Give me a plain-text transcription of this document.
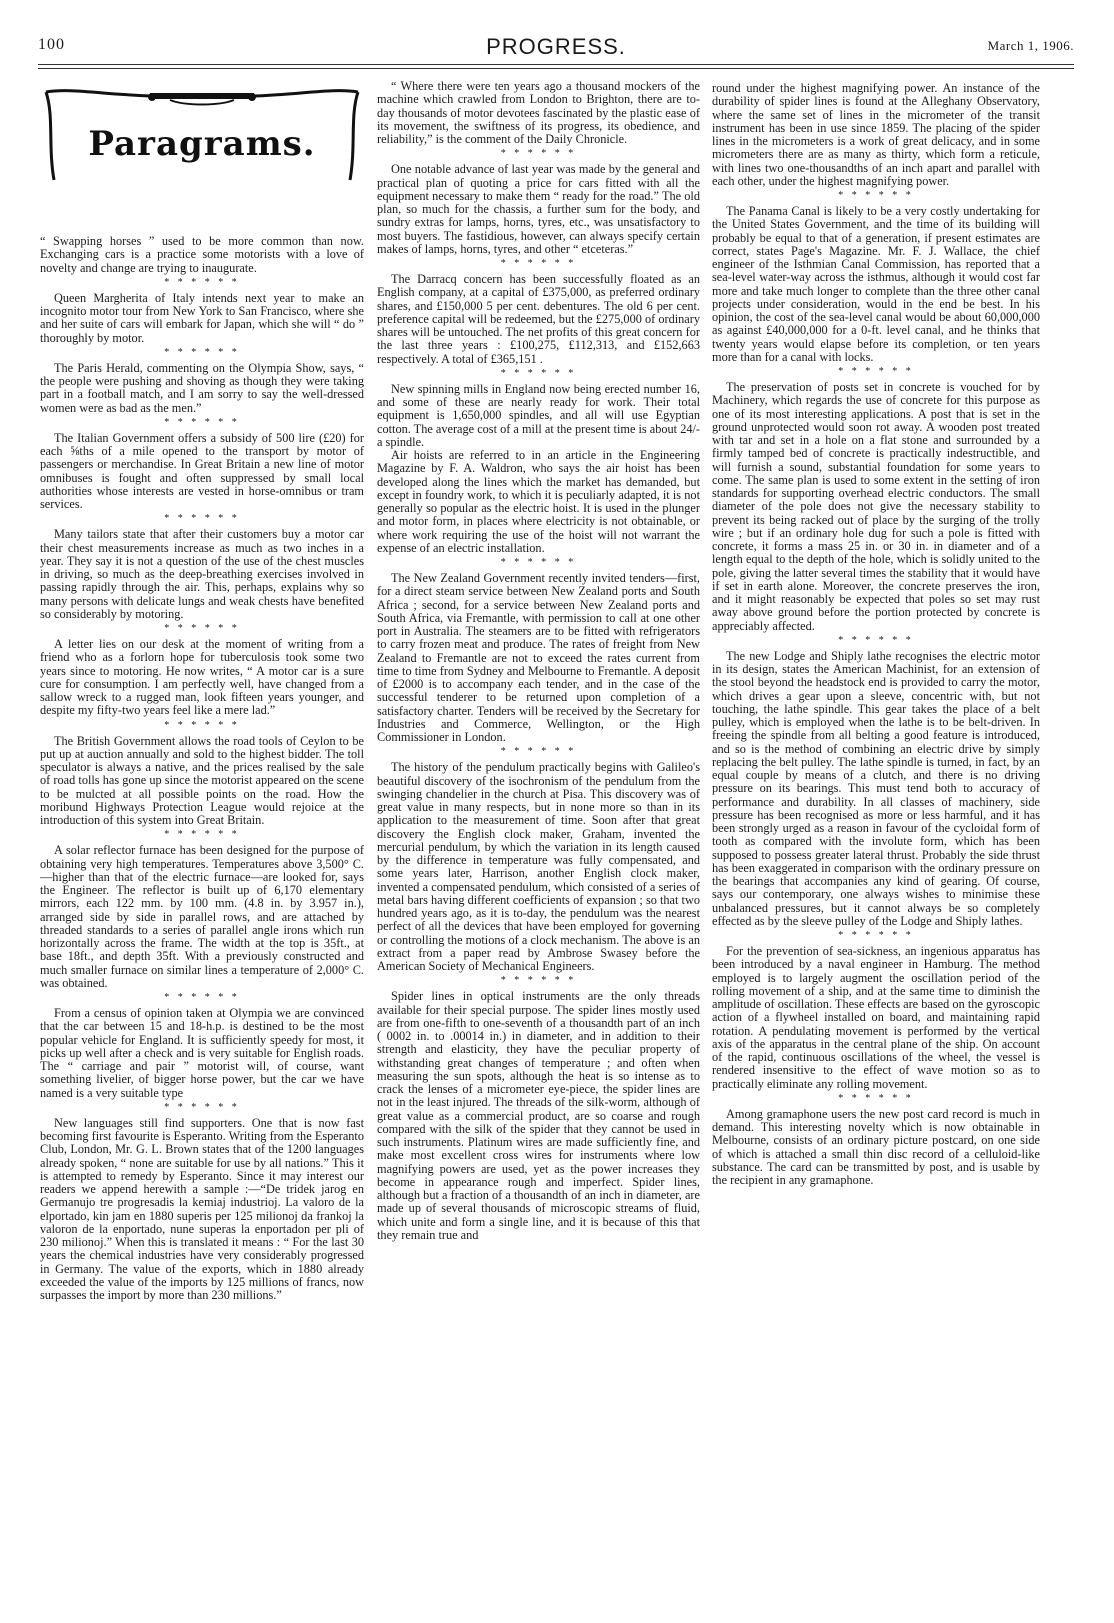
100	PROGRESS.	March 1, 1906.
Paragrams.

“ Swapping horses ” used to be more common than now. Exchanging cars is a practice some motorists with a love of novelty and change are trying to inaugurate.

* * * * * *

Queen Margherita of Italy intends next year to make an incognito motor tour from New York to San Francisco, where she and her suite of cars will embark for Japan, which she will “ do ” thoroughly by motor.

* * * * * *

The Paris Herald, commenting on the Olympia Show, says, “ the people were pushing and shoving as though they were taking part in a football match, and I am sorry to say the well-dressed women were as bad as the men.”

* * * * * *

The Italian Government offers a subsidy of 500 lire (£20) for each ⅝ths of a mile opened to the transport by motor of passengers or merchandise. In Great Britain a new line of motor omnibuses is fought and often suppressed by small local authorities whose interests are vested in horse-omnibus or tram services.

* * * * * *

Many tailors state that after their customers buy a motor car their chest measurements increase as much as two inches in a year. They say it is not a question of the use of the chest muscles in driving, so much as the deep-breathing exercises involved in passing rapidly through the air. This, perhaps, explains why so many persons with delicate lungs and weak chests have benefited so considerably by motoring.

* * * * * *

A letter lies on our desk at the moment of writing from a friend who as a forlorn hope for tuberculosis took some two years since to motoring. He now writes, “ A motor car is a sure cure for consumption. I am perfectly well, have changed from a sallow wreck to a rugged man, look fifteen years younger, and despite my fifty-two years feel like a mere lad.”

* * * * * *

The British Government allows the road tools of Ceylon to be put up at auction annually and sold to the highest bidder. The toll speculator is always a native, and the prices realised by the sale of road tolls has gone up since the motorist appeared on the scene to be mulcted at all possible points on the road. How the moribund Highways Protection League would rejoice at the introduction of this system into Great Britain.

* * * * * *

A solar reflector furnace has been designed for the purpose of obtaining very high temperatures. Temperatures above 3,500° C.—higher than that of the electric furnace—are looked for, says the Engineer. The reflector is built up of 6,170 elementary mirrors, each 122 mm. by 100 mm. (4.8 in. by 3.957 in.), arranged side by side in parallel rows, and are attached by threaded standards to a series of parallel angle irons which run horizontally across the frame. The width at the top is 35ft., at base 18ft., and depth 35ft. With a previously constructed and much smaller furnace on similar lines a temperature of 2,000° C. was obtained.

* * * * * *

From a census of opinion taken at Olympia we are convinced that the car between 15 and 18-h.p. is destined to be the most popular vehicle for England. It is sufficiently speedy for most, it picks up well after a check and is very suitable for English roads. The “ carriage and pair ” motorist will, of course, want something livelier, of bigger horse power, but the car we have named is a very suitable type

* * * * * *

New languages still find supporters. One that is now fast becoming first favourite is Esperanto. Writing from the Esperanto Club, London, Mr. G. L. Brown states that of the 1200 languages already spoken, “ none are suitable for use by all nations.” This it is attempted to remedy by Esperanto. Since it may interest our readers we append herewith a sample :—“De tridek jarog en Germanujo tre progresadis la kemiaj industrioj. La valoro de la elportado, kin jam en 1880 superis per 125 milionoj da frankoj la valoron de la enportado, nune superas la enportadon per pli of 230 milionoj.” When this is translated it means : “ For the last 30 years the chemical industries have very considerably progressed in Germany. The value of the exports, which in 1880 already exceeded the value of the imports by 125 millions of francs, now surpasses the import by more than 230 millions.”

“ Where there were ten years ago a thousand mockers of the machine which crawled from London to Brighton, there are to-day thousands of motor devotees fascinated by the plastic ease of its movement, the swiftness of its progress, its obedience, and reliability,” is the comment of the Daily Chronicle.

* * * * * *

One notable advance of last year was made by the general and practical plan of quoting a price for cars fitted with all the equipment necessary to make them “ ready for the road.” The old plan, so much for the chassis, a further sum for the body, and sundry extras for lamps, horns, tyres, etc., was unsatisfactory to most buyers. The fastidious, however, can always specify certain makes of lamps, horns, tyres, and other “ etceteras.”

* * * * * *

The Darracq concern has been successfully floated as an English company, at a capital of £375,000, as preferred ordinary shares, and £150,000 5 per cent. debentures. The old 6 per cent. preference capital will be redeemed, but the £275,000 of ordinary shares will be untouched. The net profits of this great concern for the last three years : £100,275, £112,313, and £152,663 respectively. A total of £365,151 .

* * * * * *

New spinning mills in England now being erected number 16, and some of these are nearly ready for work. Their total equipment is 1,650,000 spindles, and all will use Egyptian cotton. The average cost of a mill at the present time is about 24/- a spindle.

Air hoists are referred to in an article in the Engineering Magazine by F. A. Waldron, who says the air hoist has been developed along the lines which the market has demanded, but except in foundry work, to which it is peculiarly adapted, it is not generally so popular as the electric hoist. It is used in the plunger and motor form, in places where electricity is not obtainable, or where work requiring the use of the hoist will not warrant the expense of an electric installation.

* * * * * *

The New Zealand Government recently invited tenders—first, for a direct steam service between New Zealand ports and South Africa ; second, for a service between New Zealand ports and South Africa, via Fremantle, with permission to call at one other port in Australia. The steamers are to be fitted with refrigerators to carry frozen meat and produce. The rates of freight from New Zealand to Fremantle are not to exceed the rates current from time to time from Sydney and Melbourne to Fremantle. A deposit of £2000 is to accompany each tender, and in the case of the successful tenderer to be returned upon completion of a satisfactory charter. Tenders will be received by the Secretary for Industries and Commerce, Wellington, or the High Commissioner in London.

* * * * * *

The history of the pendulum practically begins with Galileo's beautiful discovery of the isochronism of the pendulum from the swinging chandelier in the church at Pisa. This discovery was of great value in many respects, but in none more so than in its application to the measurement of time. Soon after that great discovery the English clock maker, Graham, invented the mercurial pendulum, by which the variation in its length caused by the difference in temperature was fully compensated, and some years later, Harrison, another English clock maker, invented a compensated pendulum, which consisted of a series of metal bars having different coefficients of expansion ; so that two hundred years ago, as it is to-day, the pendulum was the nearest perfect of all the devices that have been employed for governing or controlling the motions of a clock mechanism. The above is an extract from a paper read by Ambrose Swasey before the American Society of Mechanical Engineers.

* * * * * *

Spider lines in optical instruments are the only threads available for their special purpose. The spider lines mostly used are from one-fifth to one-seventh of a thousandth part of an inch ( 0002 in. to .00014 in.) in diameter, and in addition to their strength and elasticity, they have the peculiar property of withstanding great changes of temperature ; and often when measuring the sun spots, although the heat is so intense as to crack the lenses of a micrometer eye-piece, the spider lines are not in the least injured. The threads of the silk-worm, although of great value as a commercial product, are so coarse and rough compared with the silk of the spider that they cannot be used in such instruments. Platinum wires are made sufficiently fine, and make most excellent cross wires for instruments where low magnifying powers are used, yet as the power increases they become in appearance rough and imperfect. Spider lines, although but a fraction of a thousandth of an inch in diameter, are made up of several thousands of microscopic streams of fluid, which unite and form a single line, and it is because of this that they remain true and

round under the highest magnifying power. An instance of the durability of spider lines is found at the Alleghany Observatory, where the same set of lines in the micrometer of the transit instrument has been in use since 1859. The placing of the spider lines in the micrometers is a work of great delicacy, and in some micrometers there are as many as thirty, which form a reticule, with lines two one-thousandths of an inch apart and parallel with each other, under the highest magnifying power.

* * * * * *

The Panama Canal is likely to be a very costly undertaking for the United States Government, and the time of its building will probably be equal to that of a generation, if present estimates are correct, states Page's Magazine. Mr. F. J. Wallace, the chief engineer of the Isthmian Canal Commission, has reported that a sea-level water-way across the isthmus, although it would cost far more and take much longer to complete than the three other canal projects under consideration, would in the end be best. In his opinion, the cost of the sea-level canal would be about 60,000,000 as against £40,000,000 for a 0-ft. level canal, and he thinks that twenty years would elapse before its completion, or ten years more than for a canal with locks.

* * * * * *

The preservation of posts set in concrete is vouched for by Machinery, which regards the use of concrete for this purpose as one of its most interesting applications. A post that is set in the ground unprotected would soon rot away. A wooden post treated with tar and set in a hole on a flat stone and surrounded by a firmly tamped bed of concrete is practically indestructible, and will furnish a sound, substantial foundation for some years to come. The same plan is used to some extent in the setting of iron standards for supporting overhead electric conductors. The small diameter of the pole does not give the necessary stability to prevent its being racked out of place by the surging of the trolly wire ; but if an ordinary hole dug for such a pole is fitted with concrete, it forms a mass 25 in. or 30 in. in diameter and of a length equal to the depth of the hole, which is solidly united to the pole, giving the latter several times the stability that it would have if set in earth alone. Moreover, the concrete preserves the iron, and it might reasonably be expected that poles so set may rust away above ground before the portion protected by concrete is appreciably affected.

* * * * * *

The new Lodge and Shiply lathe recognises the electric motor in its design, states the American Machinist, for an extension of the stool beyond the headstock end is provided to carry the motor, which drives a gear upon a sleeve, concentric with, but not touching, the lathe spindle. This gear takes the place of a belt pulley, which is employed when the lathe is to be belt-driven. In freeing the spindle from all belting a good feature is introduced, and so is the method of combining an electric drive by simply replacing the belt pulley. The lathe spindle is turned, in fact, by an equal couple by means of a clutch, and there is no driving pressure on its bearings. This must tend both to accuracy of performance and durability. In all classes of machinery, side pressure has been recognised as more or less harmful, and it has been strongly urged as a reason in favour of the cycloidal form of tooth as compared with the involute form, which has been supposed to possess greater lateral thrust. Probably the side thrust has been exaggerated in comparison with the ordinary pressure on the bearings that accompanies any kind of gearing. Of course, says our contemporary, one always wishes to minimise these unbalanced pressures, but it cannot always be so completely effected as by the sleeve pulley of the Lodge and Shiply lathes.

* * * * * *

For the prevention of sea-sickness, an ingenious apparatus has been introduced by a naval engineer in Hamburg. The method employed is to largely augment the oscillation period of the rolling movement of a ship, and at the same time to diminish the amplitude of oscillation. These effects are based on the gyroscopic action of a flywheel installed on board, and maintaining rapid rotation. A pendulating movement is performed by the vertical axis of the apparatus in the central plane of the ship. On account of the rapid, continuous oscillations of the wheel, the vessel is rendered insensitive to the effect of wave motion so as to practically eliminate any rolling movement.

* * * * * *

Among gramaphone users the new post card record is much in demand. This interesting novelty which is now obtainable in Melbourne, consists of an ordinary picture postcard, on one side of which is attached a small thin disc record of a celluloid-like substance. The card can be transmitted by post, and is usable by the recipient in any gramaphone.
